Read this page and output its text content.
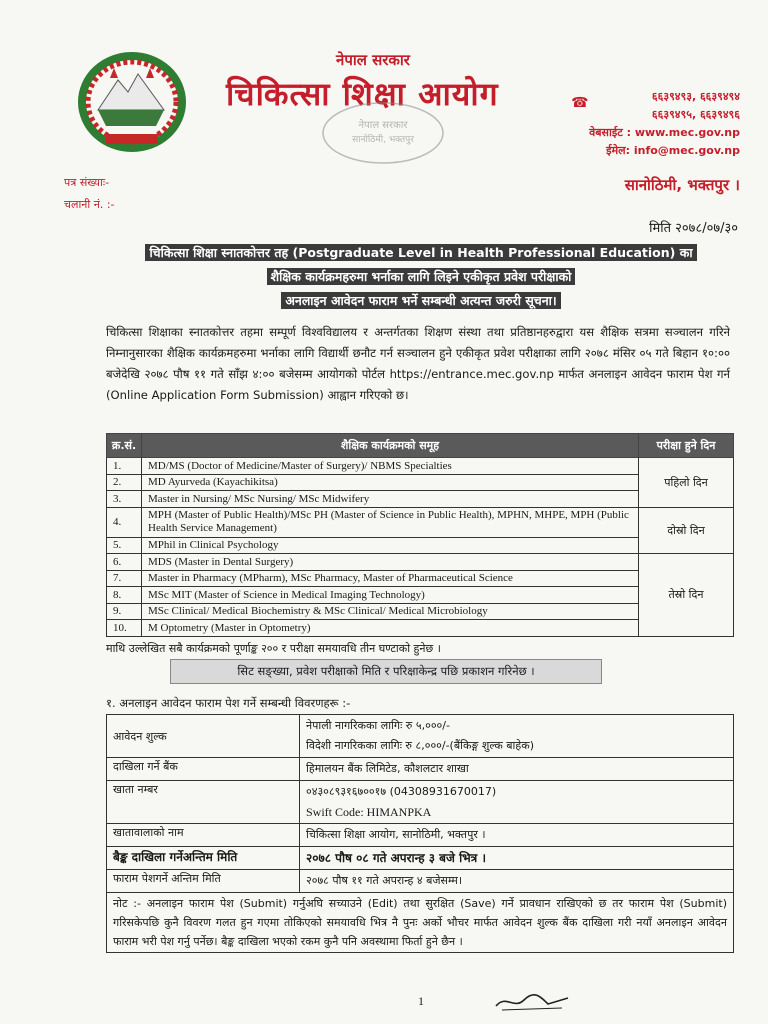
नेपाल सरकार
चिकित्सा शिक्षा आयोग
नेपाल सरकार
सानोठिमी, भक्तपुर
☎	६६३९४९३, ६६३९४९४
६६३९४९५, ६६३९४९६
वेबसाईट : www.mec.gov.np
ईमेल: info@mec.gov.np
पत्र संख्याः-
चलानी नं. :-
सानोठिमी, भक्तपुर ।
मिति २०७८/०७/३०
चिकित्सा शिक्षा स्नातकोत्तर तह (Postgraduate Level in Health Professional Education) का
शैक्षिक कार्यक्रमहरुमा भर्नाका लागि लिइने एकीकृत प्रवेश परीक्षाको
अनलाइन आवेदन फाराम भर्ने सम्बन्धी अत्यन्त जरुरी सूचना।
चिकित्सा शिक्षाका स्नातकोत्तर तहमा सम्पूर्ण विश्वविद्यालय र अन्तर्गतका शिक्षण संस्था तथा प्रतिष्ठानहरुद्वारा यस शैक्षिक सत्रमा सञ्चालन गरिने निम्नानुसारका शैक्षिक कार्यक्रमहरुमा भर्नाका लागि विद्यार्थी छनौट गर्न सञ्चालन हुने एकीकृत प्रवेश परीक्षाका लागि २०७८ मंसिर ०५ गते बिहान १०:०० बजेदेखि २०७८ पौष ११ गते साँझ ४:०० बजेसम्म आयोगको पोर्टल https://entrance.mec.gov.np मार्फत अनलाइन आवेदन फाराम पेश गर्न (Online Application Form Submission) आह्वान गरिएको छ।
क्र.सं.	शैक्षिक कार्यक्रमको समूह	परीक्षा हुने दिन
1.	MD/MS (Doctor of Medicine/Master of Surgery)/ NBMS Specialties	पहिलो दिन
2.	MD Ayurveda (Kayachikitsa)	
3.	Master in Nursing/ MSc Nursing/ MSc Midwifery	
4.	MPH (Master of Public Health)/MSc PH (Master of Science in Public Health), MPHN, MHPE, MPH (Public Health Service Management)	दोस्रो दिन
5.	MPhil in Clinical Psychology	
6.	MDS (Master in Dental Surgery)	तेस्रो दिन
7.	Master in Pharmacy (MPharm), MSc Pharmacy, Master of Pharmaceutical Science	
8.	MSc MIT (Master of Science in Medical Imaging Technology)	
9.	MSc Clinical/ Medical Biochemistry & MSc Clinical/ Medical Microbiology	
10.	M Optometry (Master in Optometry)	
माथि उल्लेखित सबै कार्यक्रमको पूर्णाङ्क २०० र परीक्षा समयावधि तीन घण्टाको हुनेछ ।
सिट सङ्ख्या, प्रवेश परीक्षाको मिति र परिक्षाकेन्द्र पछि प्रकाशन गरिनेछ ।
१. अनलाइन आवेदन फाराम पेश गर्ने सम्बन्धी विवरणहरू :-
आवेदन शुल्क	नेपाली नागरिकका लागिः रु ५,०००/-
विदेशी नागरिकका लागिः रु ८,०००/-(बैंकिङ्ग शुल्क बाहेक)

दाखिला गर्ने बैंक	हिमालयन बैंक लिमिटेड, कौशलटार शाखा
खाता नम्बर	०४३०८९३१६७००१७ (04308931670017)
Swift Code: HIMANPKA

खातावालाको नाम	चिकित्सा शिक्षा आयोग, सानोठिमी, भक्तपुर ।
बैङ्क दाखिला गर्नेअन्तिम मिति	२०७८ पौष ०८ गते अपरान्ह ३ बजे भित्र ।
फाराम पेशगर्ने अन्तिम मिति	२०७८ पौष ११ गते अपरान्ह ४ बजेसम्म।
नोट :- अनलाइन फाराम पेश (Submit) गर्नुअघि सच्याउने (Edit) तथा सुरक्षित (Save) गर्ने प्रावधान राखिएको छ तर फाराम पेश (Submit) गरिसकेपछि कुनै विवरण गलत हुन गएमा तोकिएको समयावधि भित्र नै पुनः अर्को भौचर मार्फत आवेदन शुल्क बैंक दाखिला गरी नयाँ अनलाइन आवेदन फाराम भरी पेश गर्नु पर्नेछ। बैङ्क दाखिला भएको रकम कुनै पनि अवस्थामा फिर्ता हुने छैन ।	
1
